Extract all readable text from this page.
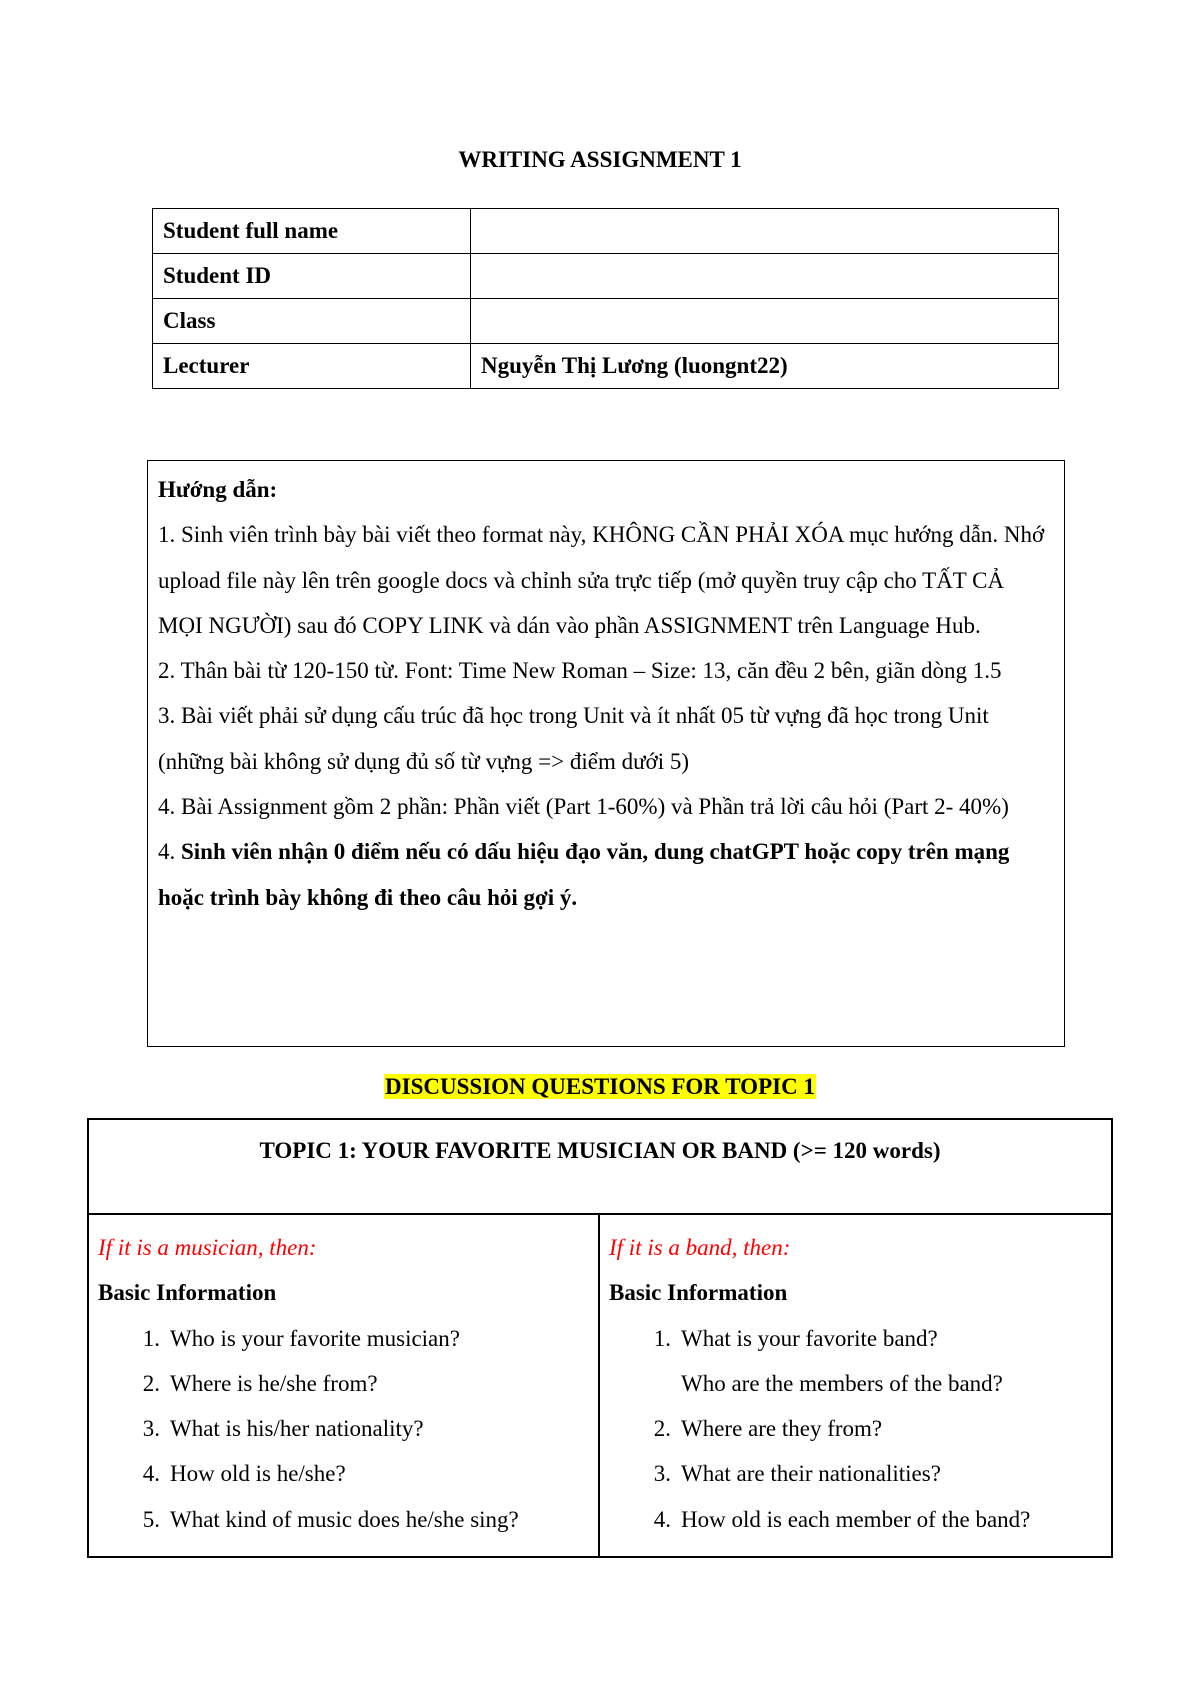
WRITING ASSIGNMENT 1
Student full name	
Student ID	
Class	
Lecturer	Nguyễn Thị Lương (luongnt22)

Hướng dẫn:

1. Sinh viên trình bày bài viết theo format này, KHÔNG CẦN PHẢI XÓA mục hướng dẫn. Nhớ upload file này lên trên google docs và chỉnh sửa trực tiếp (mở quyền truy cập cho TẤT CẢ MỌI NGƯỜI) sau đó COPY LINK và dán vào phần ASSIGNMENT trên Language Hub.

2. Thân bài từ 120-150 từ. Font: Time New Roman – Size: 13, căn đều 2 bên, giãn dòng 1.5

3. Bài viết phải sử dụng cấu trúc đã học trong Unit và ít nhất 05 từ vựng đã học trong Unit (những bài không sử dụng đủ số từ vựng => điểm dưới 5)

4. Bài Assignment gồm 2 phần: Phần viết (Part 1-60%) và Phần trả lời câu hỏi (Part 2- 40%)

4. Sinh viên nhận 0 điểm nếu có dấu hiệu đạo văn, dung chatGPT hoặc copy trên mạng hoặc trình bày không đi theo câu hỏi gợi ý.

DISCUSSION QUESTIONS FOR TOPIC 1
TOPIC 1: YOUR FAVORITE MUSICIAN OR BAND (>= 120 words)
If it is a musician, then:
Basic Information
1. Who is your favorite musician?
2. Where is he/she from?
3. What is his/her nationality?
4. How old is he/she?
5. What kind of music does he/she sing?
If it is a band, then:
Basic Information
1. What is your favorite band?
Who are the members of the band?
2. Where are they from?
3. What are their nationalities?
4. How old is each member of the band?
